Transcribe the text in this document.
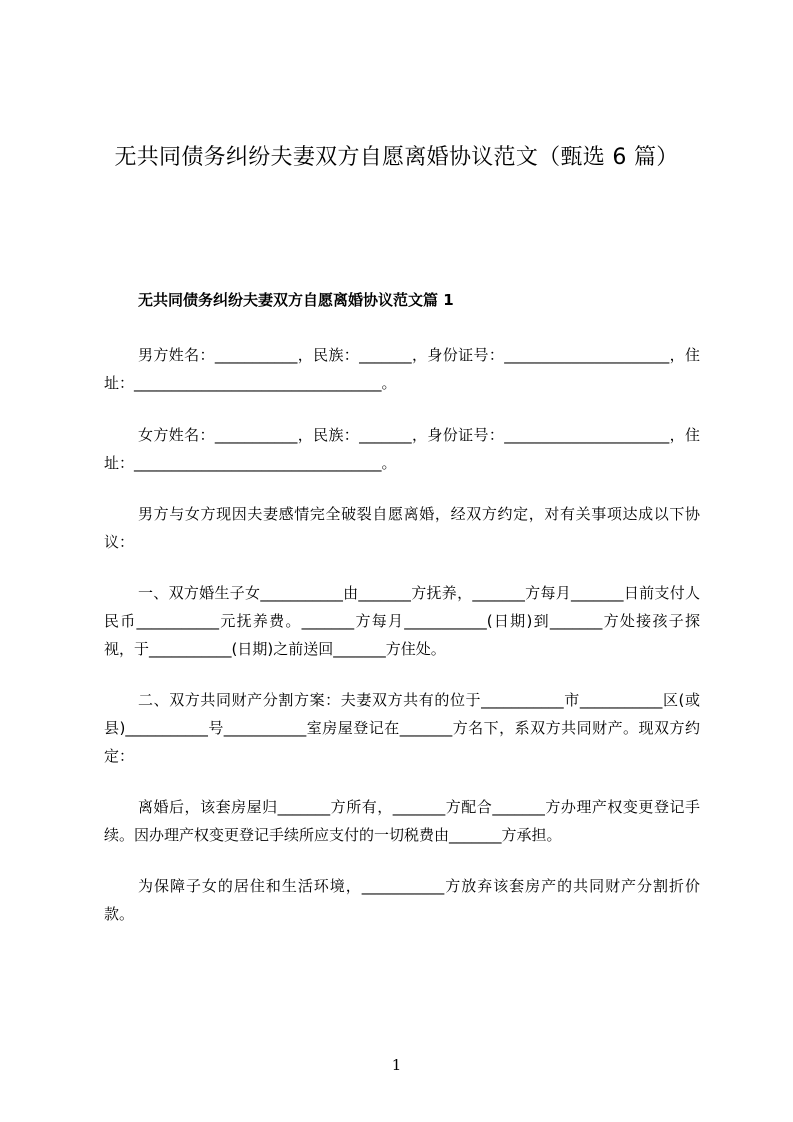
无共同债务纠纷夫妻双方自愿离婚协议范文（甄选 6 篇）
无共同债务纠纷夫妻双方自愿离婚协议范文篇 1
男方姓名：___________，民族：_______，身份证号：______________________，住址：_________________________________。
女方姓名：___________，民族：_______，身份证号：______________________，住址：_________________________________。
男方与女方现因夫妻感情完全破裂自愿离婚，经双方约定，对有关事项达成以下协议：
一、双方婚生子女___________由_______方抚养，_______方每月_______日前支付人民币___________元抚养费。_______方每月___________(日期)到_______方处接孩子探视，于___________(日期)之前送回_______方住处。
二、双方共同财产分割方案：夫妻双方共有的位于___________市___________区(或县)___________号___________室房屋登记在_______方名下，系双方共同财产。现双方约定：
离婚后，该套房屋归_______方所有，_______方配合_______方办理产权变更登记手续。因办理产权变更登记手续所应支付的一切税费由_______方承担。
为保障子女的居住和生活环境，___________方放弃该套房产的共同财产分割折价款。
1
